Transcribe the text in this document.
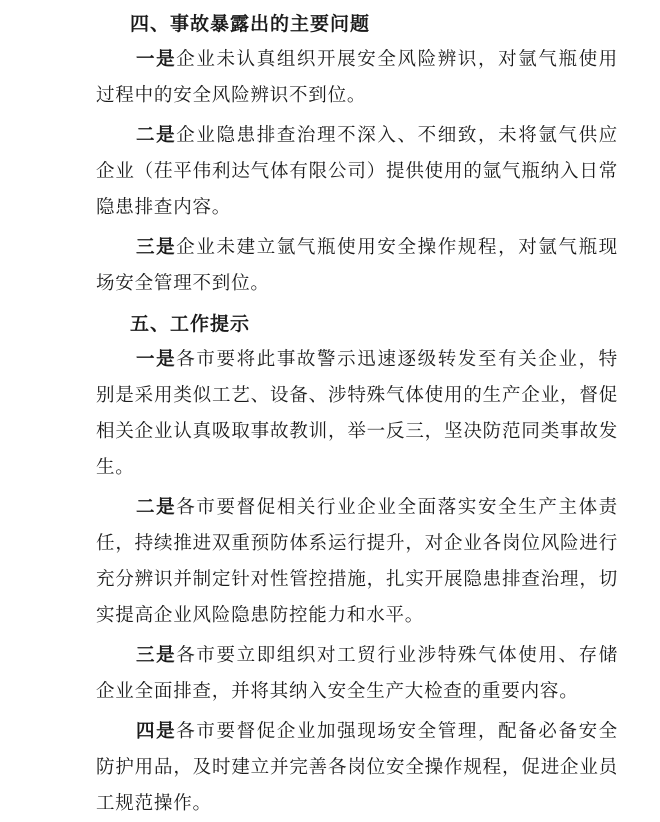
四、事故暴露出的主要问题

一是企业未认真组织开展安全风险辨识，对氩气瓶使用过程中的安全风险辨识不到位。

二是企业隐患排查治理不深入、不细致，未将氩气供应企业（茌平伟利达气体有限公司）提供使用的氩气瓶纳入日常隐患排查内容。

三是企业未建立氩气瓶使用安全操作规程，对氩气瓶现场安全管理不到位。

五、工作提示

一是各市要将此事故警示迅速逐级转发至有关企业，特别是采用类似工艺、设备、涉特殊气体使用的生产企业，督促相关企业认真吸取事故教训，举一反三，坚决防范同类事故发生。

二是各市要督促相关行业企业全面落实安全生产主体责任，持续推进双重预防体系运行提升，对企业各岗位风险进行充分辨识并制定针对性管控措施，扎实开展隐患排查治理，切实提高企业风险隐患防控能力和水平。

三是各市要立即组织对工贸行业涉特殊气体使用、存储企业全面排查，并将其纳入安全生产大检查的重要内容。

四是各市要督促企业加强现场安全管理，配备必备安全防护用品，及时建立并完善各岗位安全操作规程，促进企业员工规范操作。
